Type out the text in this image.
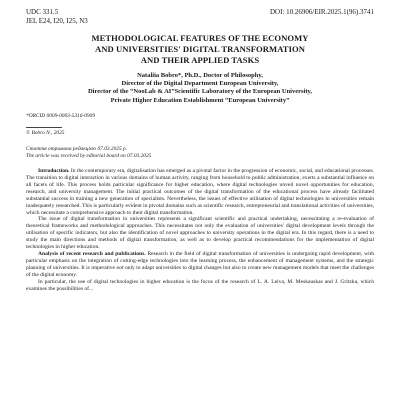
UDC 331.5
JEL E24, I20, I25, N3
DOI: 10.26906/EIR.2025.1(96).3741
METHODOLOGICAL FEATURES OF THE ECONOMY
AND UNIVERSITIES' DIGITAL TRANSFORMATION
AND THEIR APPLIED TASKS
Nataliia Bobro*, Ph.D., Doctor of Philosophy,
Director of the Digital Department European University,
Director of the “NooLab & AI”Scientific Laboratory of the European University,
Private Higher Education Establishment “European University”
*ORCID 0009-0003-5316-0909
© Bobro N., 2025
Стаття отримана редакцією 07.03.2025 р.
The article was received by editorial board on 07.03.2025

Introduction. In the contemporary era, digitalisation has emerged as a pivotal factor in the progression of economic, social, and educational processes. The transition to digital interaction in various domains of human activity, ranging from household to public administration, exerts a substantial influence on all facets of life. This process holds particular significance for higher education, where digital technologies unveil novel opportunities for education, research, and university management. The initial practical outcomes of the digital transformation of the educational process have already facilitated substantial success in training a new generation of specialists. Nevertheless, the issues of effective utilisation of digital technologies in universities remain inadequately researched. This is particularly evident in pivotal domains such as scientific research, entrepreneurial and translational activities of universities, which necessitate a comprehensive approach to their digital transformation.

The issue of digital transformation in universities represents a significant scientific and practical undertaking, necessitating a re-evaluation of theoretical frameworks and methodological approaches. This necessitates not only the evaluation of universities' digital development levels through the utilisation of specific indicators, but also the identification of novel approaches to university operations in the digital era. In this regard, there is a need to study the main directions and methods of digital transformation, as well as to develop practical recommendations for the implementation of digital technologies in higher education.

Analysis of recent research and publications. Research in the field of digital transformation of universities is undergoing rapid development, with particular emphasis on the integration of cutting-edge technologies into the learning process, the enhancement of management systems, and the strategic planning of universities. It is imperative not only to adapt universities to digital changes but also to create new management models that meet the challenges of the digital economy.

In particular, the use of digital technologies in higher education is the focus of the research of L. A. Leiva, M. Meskauskas and J. Gritzka, which examines the possibilities of...
